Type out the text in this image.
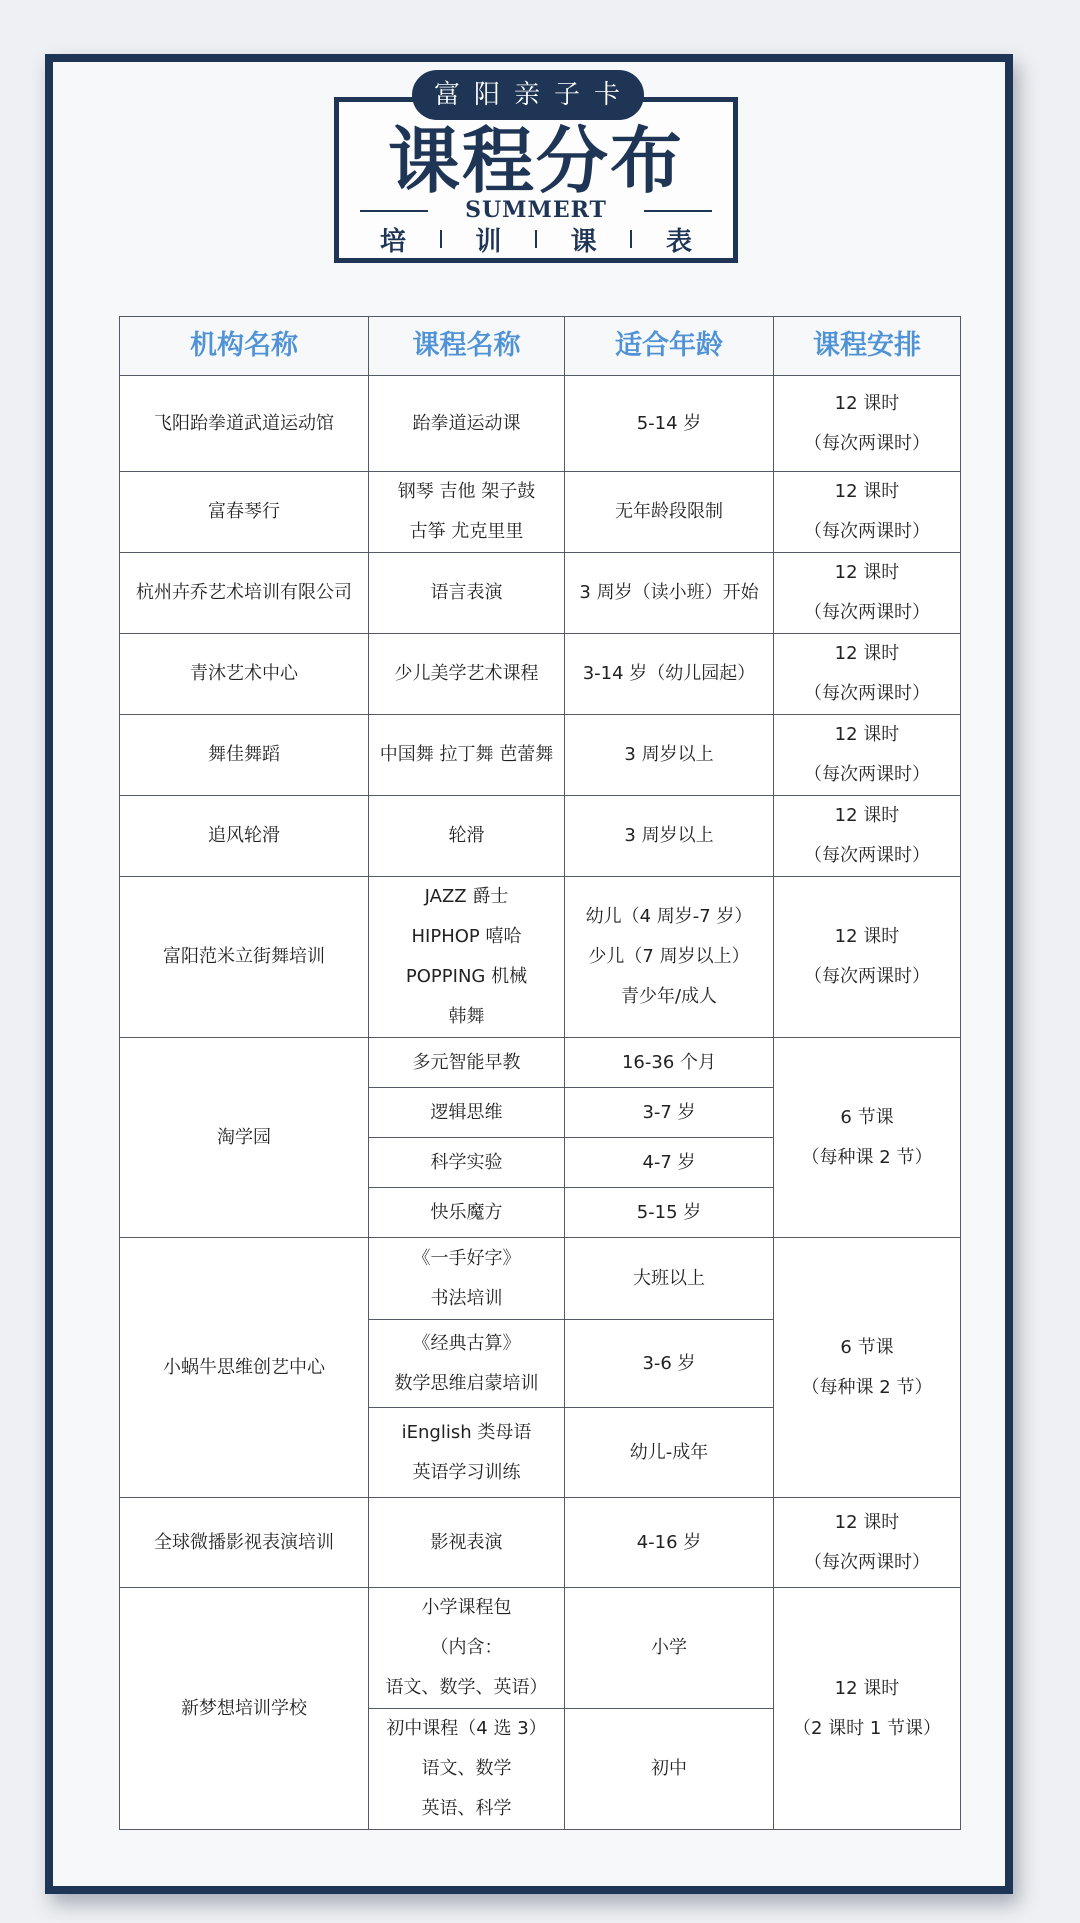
富阳亲子卡
课程分布
SUMMERT
培	训	课	表
机构名称	课程名称	适合年龄	课程安排
飞阳跆拳道武道运动馆	跆拳道运动课	5-14 岁	12 课时
（每次两课时）

富春琴行	钢琴 吉他 架子鼓
古筝 尤克里里	无年龄段限制	12 课时
（每次两课时）

杭州卉乔艺术培训有限公司	语言表演	3 周岁（读小班）开始	12 课时
（每次两课时）

青沐艺术中心	少儿美学艺术课程	3-14 岁（幼儿园起）	12 课时
（每次两课时）

舞佳舞蹈	中国舞 拉丁舞 芭蕾舞	3 周岁以上	12 课时
（每次两课时）

追风轮滑	轮滑	3 周岁以上	12 课时
（每次两课时）

富阳范米立街舞培训	JAZZ 爵士
HIPHOP 嘻哈
POPPING 机械
韩舞	幼儿（4 周岁-7 岁）
少儿（7 周岁以上）
青少年/成人	12 课时
（每次两课时）

淘学园	多元智能早教	16-36 个月	6 节课
（每种课 2 节）

	逻辑思维	3-7 岁	
	科学实验	4-7 岁	
	快乐魔方	5-15 岁	
小蜗牛思维创艺中心	《一手好字》
书法培训	大班以上	6 节课
（每种课 2 节）

	《经典古算》
数学思维启蒙培训	3-6 岁	

	iEnglish 类母语
英语学习训练	幼儿-成年	
全球微播影视表演培训	影视表演	4-16 岁	12 课时
（每次两课时）

新梦想培训学校	小学课程包
（内含：
语文、数学、英语）	小学	12 课时
（2 课时 1 节课）

	初中课程（4 选 3）
语文、数学
英语、科学	初中	
